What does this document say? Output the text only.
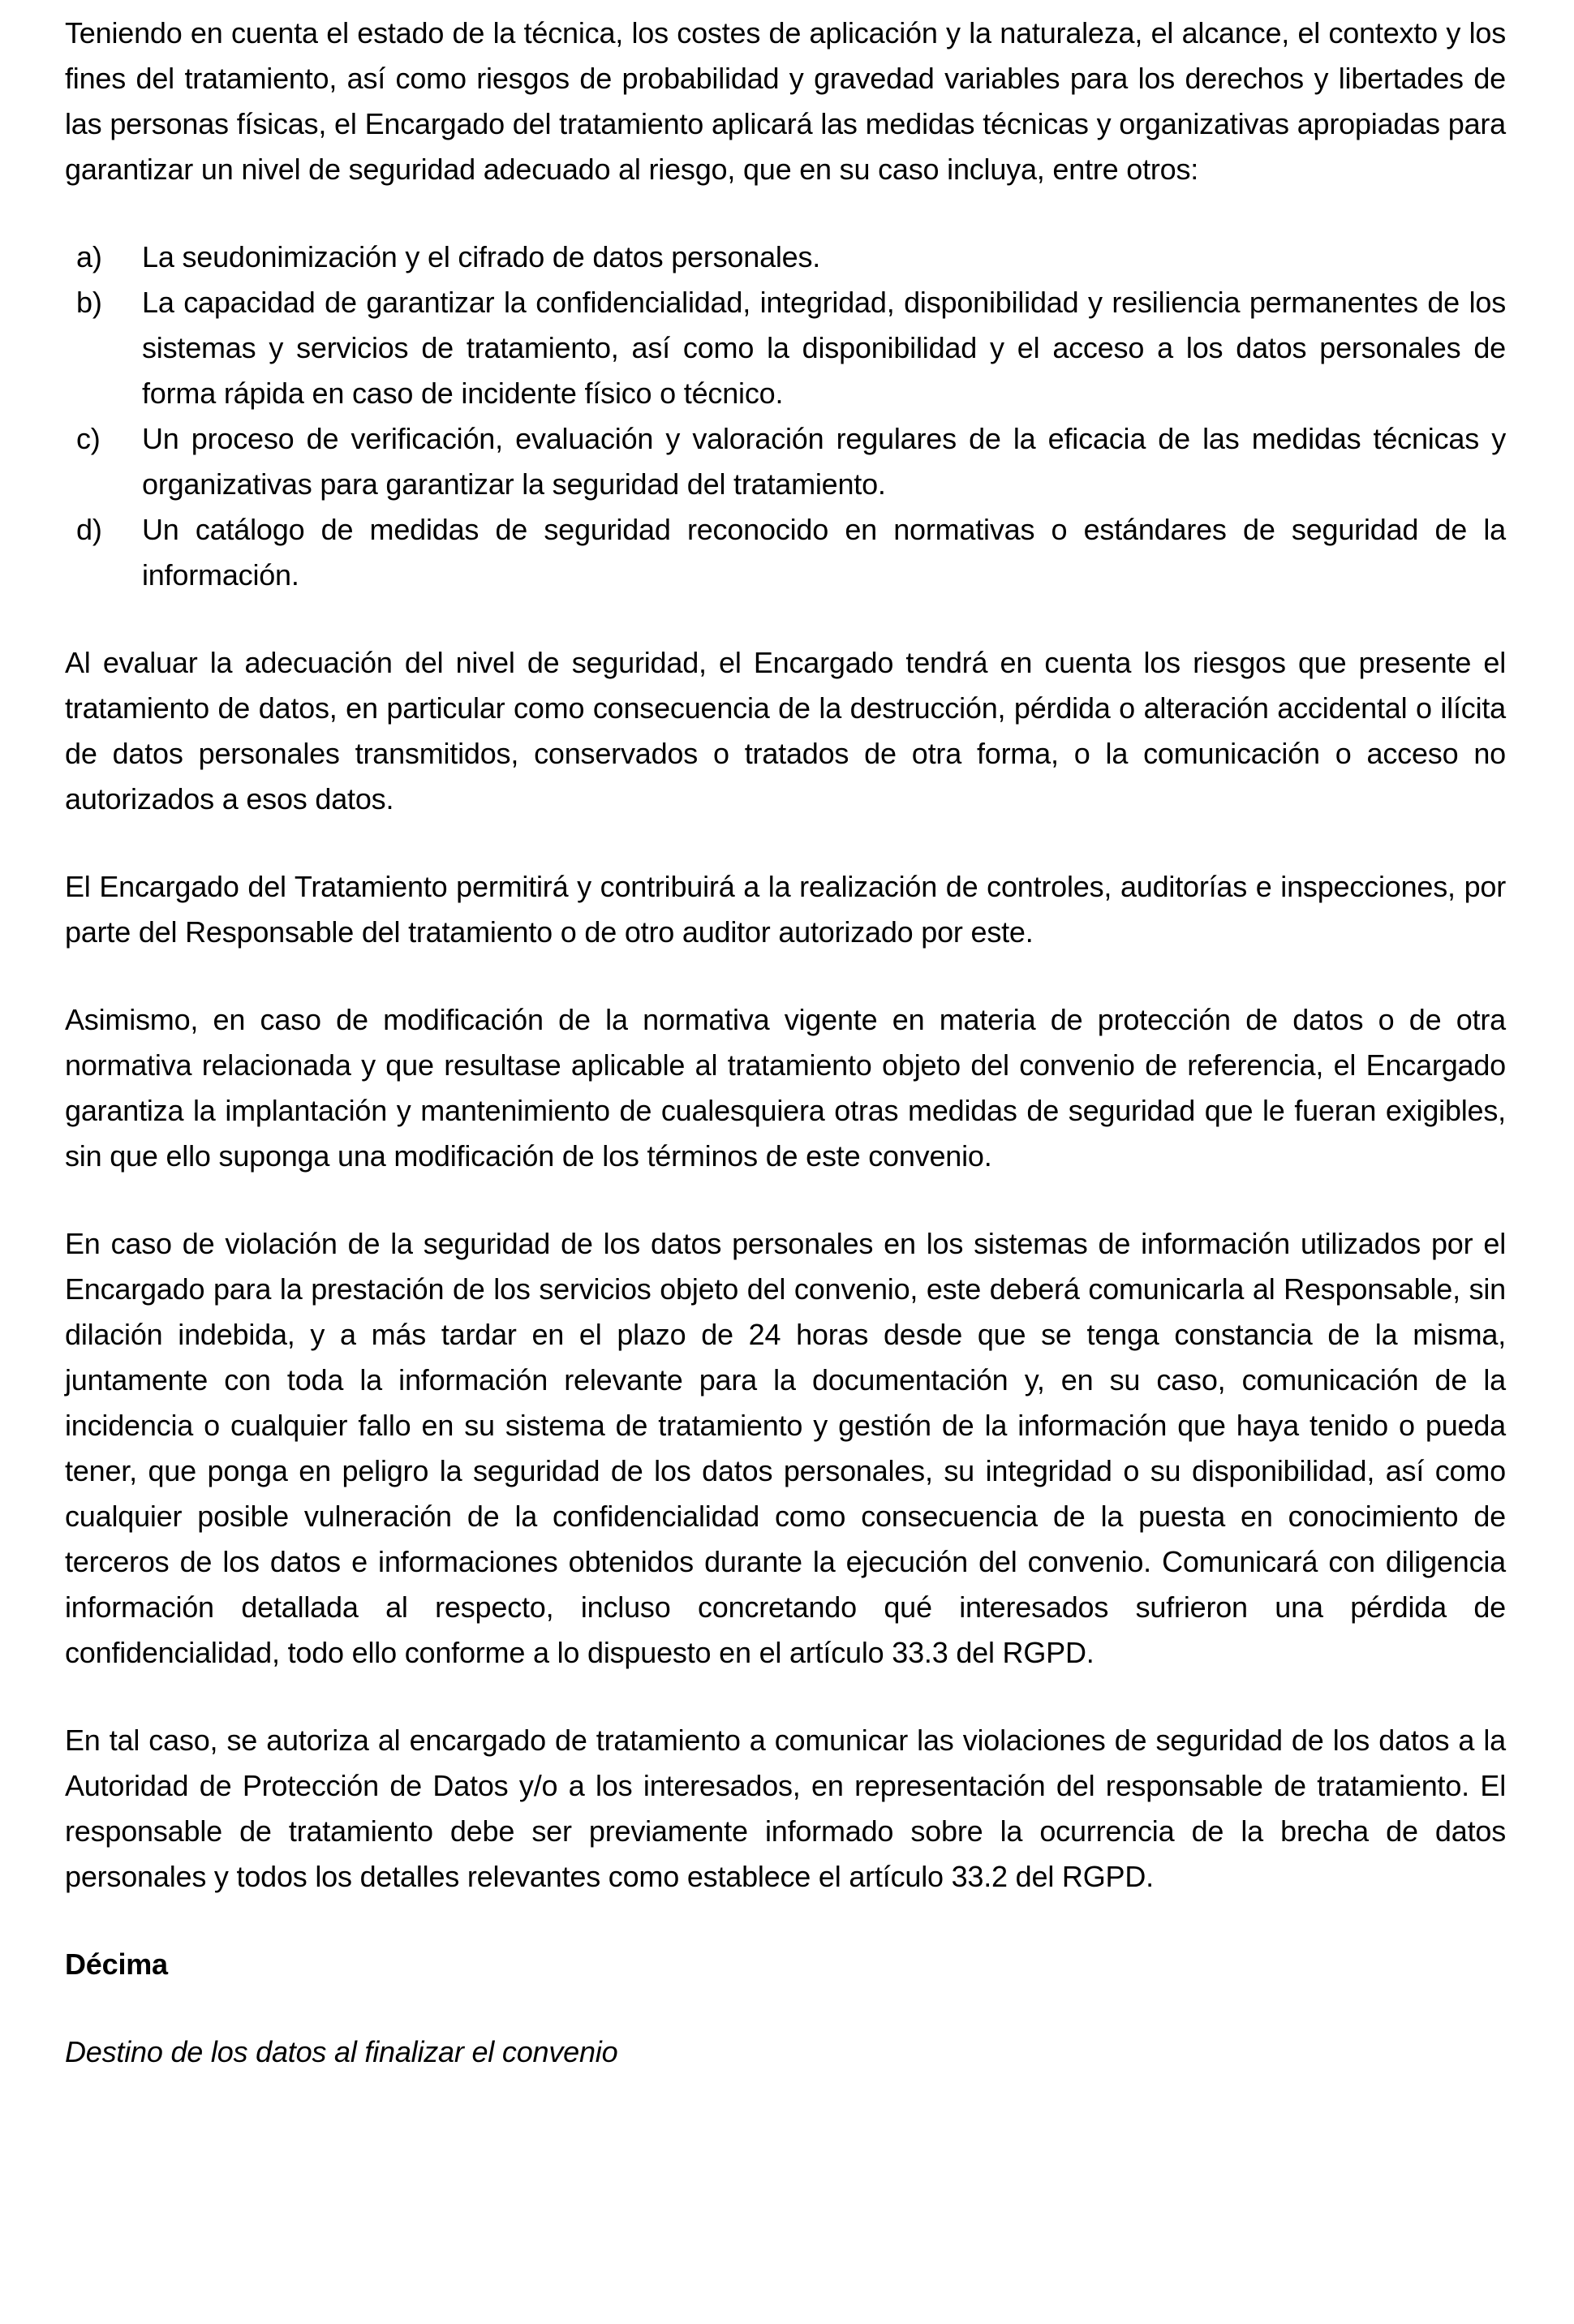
Teniendo en cuenta el estado de la técnica, los costes de aplicación y la naturaleza, el alcance, el contexto y los fines del tratamiento, así como riesgos de probabilidad y gravedad variables para los derechos y libertades de las personas físicas, el Encargado del tratamiento aplicará las medidas técnicas y organizativas apropiadas para garantizar un nivel de seguridad adecuado al riesgo, que en su caso incluya, entre otros:

a)	La seudonimización y el cifrado de datos personales.
b)	La capacidad de garantizar la confidencialidad, integridad, disponibilidad y resiliencia permanentes de los sistemas y servicios de tratamiento, así como la disponibilidad y el acceso a los datos personales de forma rápida en caso de incidente físico o técnico.
c)	Un proceso de verificación, evaluación y valoración regulares de la eficacia de las medidas técnicas y organizativas para garantizar la seguridad del tratamiento.
d)	Un catálogo de medidas de seguridad reconocido en normativas o estándares de seguridad de la información.

Al evaluar la adecuación del nivel de seguridad, el Encargado tendrá en cuenta los riesgos que presente el tratamiento de datos, en particular como consecuencia de la destrucción, pérdida o alteración accidental o ilícita de datos personales transmitidos, conservados o tratados de otra forma, o la comunicación o acceso no autorizados a esos datos.

El Encargado del Tratamiento permitirá y contribuirá a la realización de controles, auditorías e inspecciones, por parte del Responsable del tratamiento o de otro auditor autorizado por este.

Asimismo, en caso de modificación de la normativa vigente en materia de protección de datos o de otra normativa relacionada y que resultase aplicable al tratamiento objeto del convenio de referencia, el Encargado garantiza la implantación y mantenimiento de cualesquiera otras medidas de seguridad que le fueran exigibles, sin que ello suponga una modificación de los términos de este convenio.

En caso de violación de la seguridad de los datos personales en los sistemas de información utilizados por el Encargado para la prestación de los servicios objeto del convenio, este deberá comunicarla al Responsable, sin dilación indebida, y a más tardar en el plazo de 24 horas desde que se tenga constancia de la misma, juntamente con toda la información relevante para la documentación y, en su caso, comunicación de la incidencia o cualquier fallo en su sistema de tratamiento y gestión de la información que haya tenido o pueda tener, que ponga en peligro la seguridad de los datos personales, su integridad o su disponibilidad, así como cualquier posible vulneración de la confidencialidad como consecuencia de la puesta en conocimiento de terceros de los datos e informaciones obtenidos durante la ejecución del convenio. Comunicará con diligencia información detallada al respecto, incluso concretando qué interesados sufrieron una pérdida de confidencialidad, todo ello conforme a lo dispuesto en el artículo 33.3 del RGPD.

En tal caso, se autoriza al encargado de tratamiento a comunicar las violaciones de seguridad de los datos a la Autoridad de Protección de Datos y/o a los interesados, en representación del responsable de tratamiento. El responsable de tratamiento debe ser previamente informado sobre la ocurrencia de la brecha de datos personales y todos los detalles relevantes como establece el artículo 33.2 del RGPD.

Décima

Destino de los datos al finalizar el convenio
